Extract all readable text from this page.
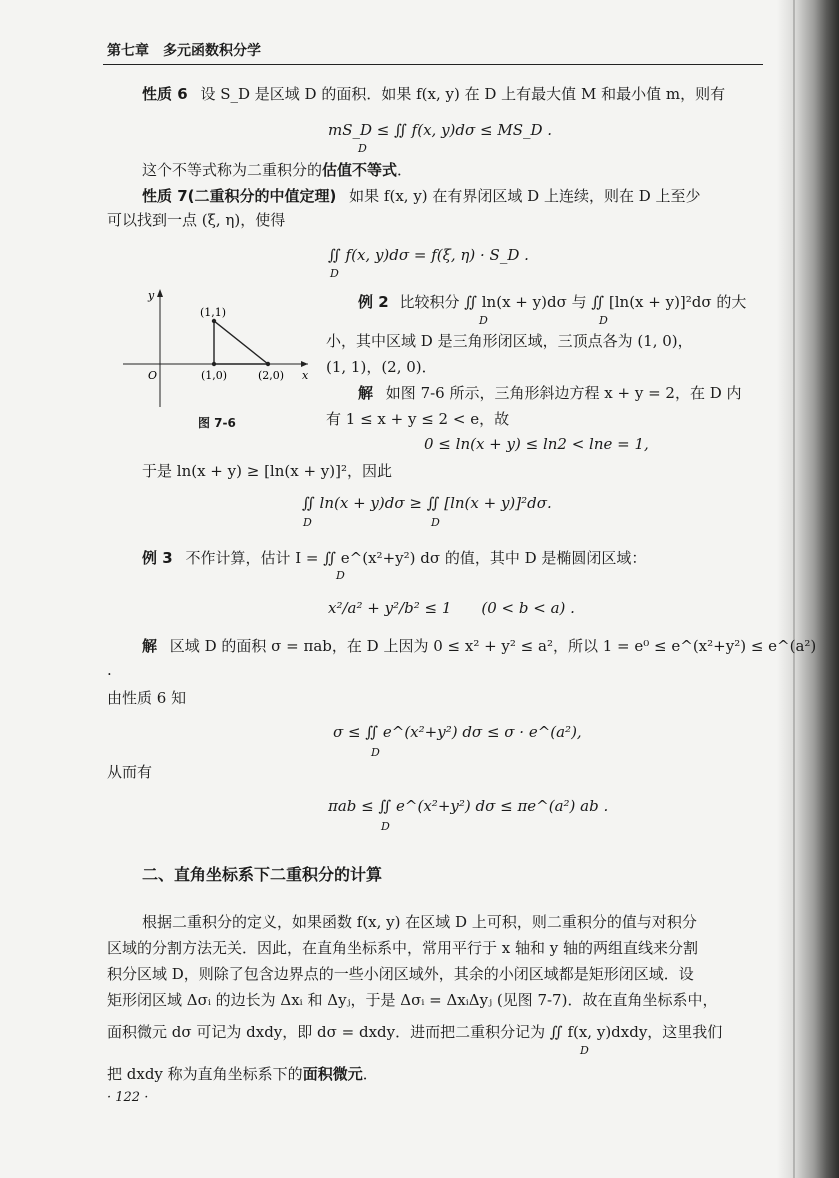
第七章　多元函数积分学
性质 6 设 S_D 是区域 D 的面积．如果 f(x, y) 在 D 上有最大值 M 和最小值 m，则有
mS_D ≤ ∬ f(x, y)dσ ≤ MS_D .
D
这个不等式称为二重积分的估值不等式．
性质 7(二重积分的中值定理) 如果 f(x, y) 在有界闭区域 D 上连续，则在 D 上至少
可以找到一点 (ξ, η)，使得
∬ f(x, y)dσ = f(ξ, η) · S_D .
D
y
x
O
(1,1)
(1,0)	(2,0)
图 7-6
例 2 比较积分 ∬ ln(x + y)dσ 与 ∬ [ln(x + y)]²dσ 的大
D	D
小，其中区域 D 是三角形闭区域，三顶点各为 (1, 0)，
(1, 1)，(2, 0)．
解 如图 7-6 所示，三角形斜边方程 x + y = 2，在 D 内
有 1 ≤ x + y ≤ 2 < e，故
0 ≤ ln(x + y) ≤ ln2 < lne = 1,
于是 ln(x + y) ≥ [ln(x + y)]²，因此
∬ ln(x + y)dσ ≥ ∬ [ln(x + y)]²dσ.
D	D
例 3 不作计算，估计 I = ∬ e^(x²+y²) dσ 的值，其中 D 是椭圆闭区域：
D
x²/a² + y²/b² ≤ 1　　(0 < b < a) .
解 区域 D 的面积 σ = πab，在 D 上因为 0 ≤ x² + y² ≤ a²，所以 1 = e⁰ ≤ e^(x²+y²) ≤ e^(a²)
.
由性质 6 知
σ ≤ ∬ e^(x²+y²) dσ ≤ σ · e^(a²),
D
从而有
πab ≤ ∬ e^(x²+y²) dσ ≤ πe^(a²) ab .
D
二、直角坐标系下二重积分的计算
根据二重积分的定义，如果函数 f(x, y) 在区域 D 上可积，则二重积分的值与对积分
区域的分割方法无关．因此，在直角坐标系中，常用平行于 x 轴和 y 轴的两组直线来分割
积分区域 D，则除了包含边界点的一些小闭区域外，其余的小闭区域都是矩形闭区域．设
矩形闭区域 Δσᵢ 的边长为 Δxᵢ 和 Δyⱼ，于是 Δσᵢ = ΔxᵢΔyⱼ (见图 7-7)．故在直角坐标系中，
面积微元 dσ 可记为 dxdy，即 dσ = dxdy．进而把二重积分记为 ∬ f(x, y)dxdy，这里我们
D
把 dxdy 称为直角坐标系下的面积微元．
· 122 ·
